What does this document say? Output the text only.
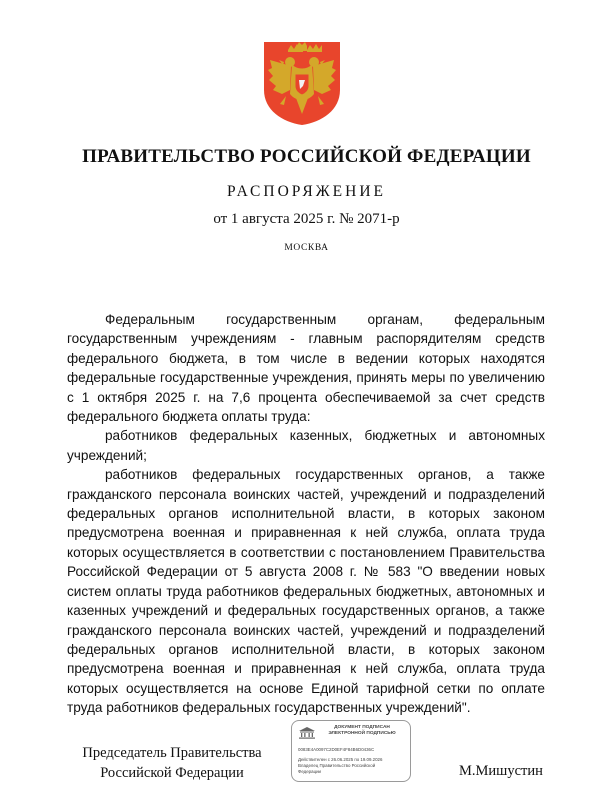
ПРАВИТЕЛЬСТВО РОССИЙСКОЙ ФЕДЕРАЦИИ
РАСПОРЯЖЕНИЕ
от 1 августа 2025 г. № 2071-р
МОСКВА

Федеральным государственным органам, федеральным государственным учреждениям - главным распорядителям средств федерального бюджета, в том числе в ведении которых находятся федеральные государственные учреждения, принять меры по увеличению с 1 октября 2025 г. на 7,6 процента обеспечиваемой за счет средств федерального бюджета оплаты труда:

работников федеральных казенных, бюджетных и автономных учреждений;

работников федеральных государственных органов, а также гражданского персонала воинских частей, учреждений и подразделений федеральных органов исполнительной власти, в которых законом предусмотрена военная и приравненная к ней служба, оплата труда которых осуществляется в соответствии с постановлением Правительства Российской Федерации от 5 августа 2008 г. № 583 "О введении новых систем оплаты труда работников федеральных бюджетных, автономных и казенных учреждений и федеральных государственных органов, а также гражданского персонала воинских частей, учреждений и подразделений федеральных органов исполнительной власти, в которых законом предусмотрена военная и приравненная к ней служба, оплата труда которых осуществляется на основе Единой тарифной сетки по оплате труда работников федеральных государственных учреждений".

Председатель Правительства
Российской Федерации
ДОКУМЕНТ ПОДПИСАН
ЭЛЕКТРОННОЙ ПОДПИСЬЮ
0083E4A0097C2D0EF4F84B6D0436C
Действителен с 26.06.2025 по 19.09.2026
Владелец Правительство Российской
Федерации	М.Мишустин
